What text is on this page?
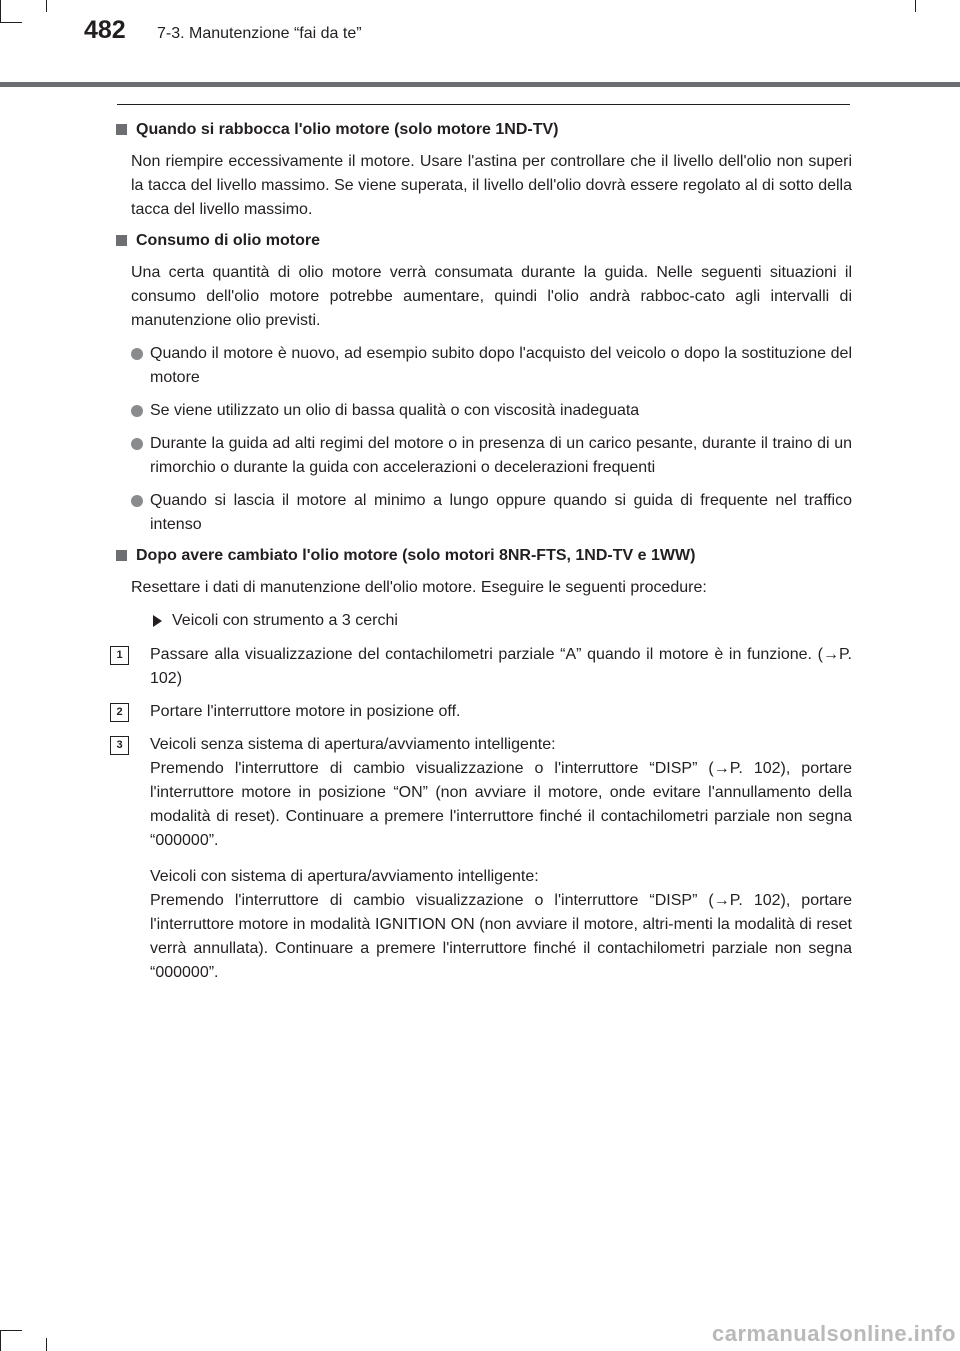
482 7-3. Manutenzione “fai da te”
Quando si rabbocca l'olio motore (solo motore 1ND-TV)
Non riempire eccessivamente il motore. Usare l'astina per controllare che il livello dell'olio non superi la tacca del livello massimo. Se viene superata, il livello dell'olio dovrà essere regolato al di sotto della tacca del livello massimo.
Consumo di olio motore
Una certa quantità di olio motore verrà consumata durante la guida. Nelle seguenti situazioni il consumo dell'olio motore potrebbe aumentare, quindi l'olio andrà rabboc-cato agli intervalli di manutenzione olio previsti.
Quando il motore è nuovo, ad esempio subito dopo l'acquisto del veicolo o dopo la sostituzione del motore
Se viene utilizzato un olio di bassa qualità o con viscosità inadeguata
Durante la guida ad alti regimi del motore o in presenza di un carico pesante, durante il traino di un rimorchio o durante la guida con accelerazioni o decelerazioni frequenti
Quando si lascia il motore al minimo a lungo oppure quando si guida di frequente nel traffico intenso
Dopo avere cambiato l'olio motore (solo motori 8NR-FTS, 1ND-TV e 1WW)
Resettare i dati di manutenzione dell'olio motore. Eseguire le seguenti procedure:
Veicoli con strumento a 3 cerchi
1	Passare alla visualizzazione del contachilometri parziale “A” quando il motore è in funzione. (→P. 102)
2	Portare l'interruttore motore in posizione off.
3	Veicoli senza sistema di apertura/avviamento intelligente:
Premendo l'interruttore di cambio visualizzazione o l'interruttore “DISP” (→P. 102), portare l'interruttore motore in posizione “ON” (non avviare il motore, onde evitare l'annullamento della modalità di reset). Continuare a premere l'interruttore finché il contachilometri parziale non segna “000000”.
Veicoli con sistema di apertura/avviamento intelligente:
Premendo l'interruttore di cambio visualizzazione o l'interruttore “DISP” (→P. 102), portare l'interruttore motore in modalità IGNITION ON (non avviare il motore, altri-menti la modalità di reset verrà annullata). Continuare a premere l'interruttore finché il contachilometri parziale non segna “000000”.
carmanualsonline.info
